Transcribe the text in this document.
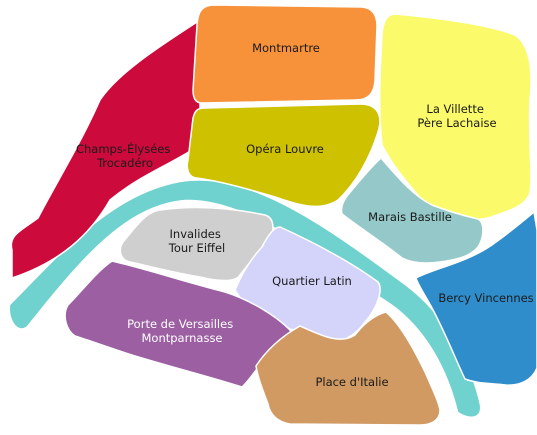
Montmartre
Champs-Élysées Trocadéro
Opéra Louvre
La Villette Père Lachaise
Marais Bastille
Invalides Tour Eiffel
Quartier Latin
Bercy Vincennes
Porte de Versailles Montparnasse
Place d'Italie
